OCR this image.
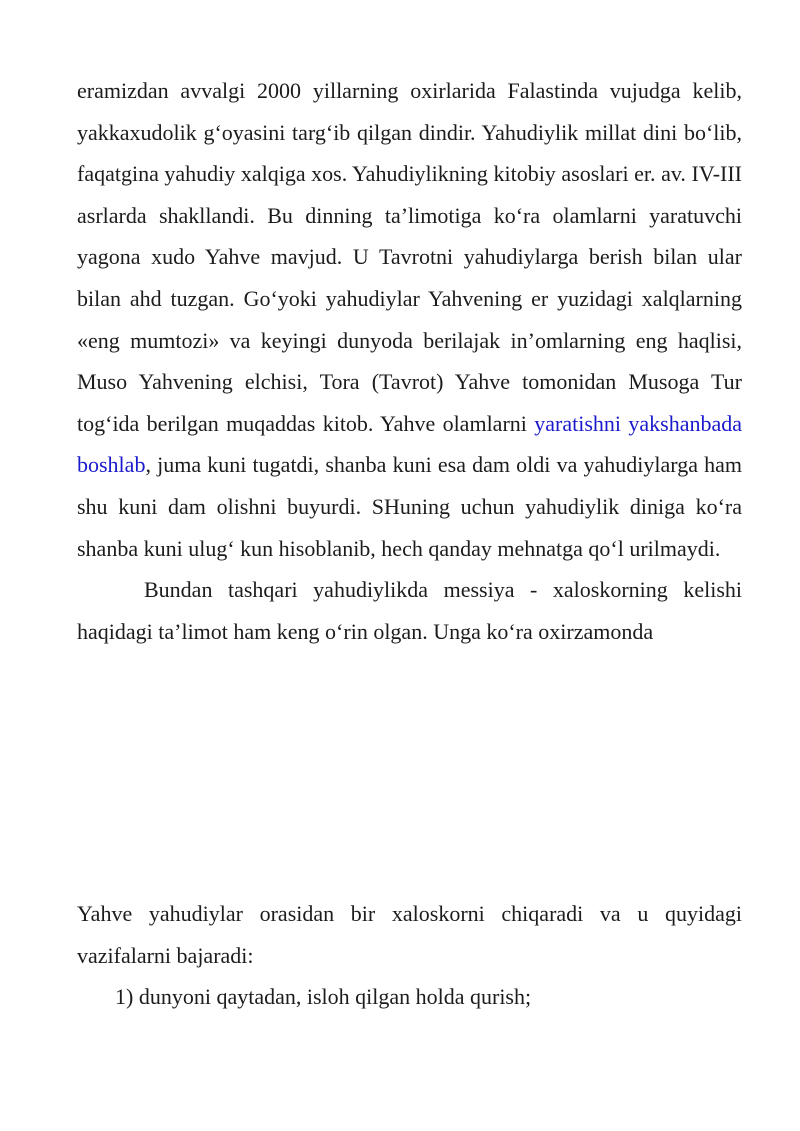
eramizdan avvalgi 2000 yillarning oxirlarida Falastinda vujudga kelib, yakkaxudolik g‘oyasini targ‘ib qilgan dindir. Yahudiylik millat dini bo‘lib, faqatgina yahudiy xalqiga xos. Yahudiylikning kitobiy asoslari er. av. IV-III asrlarda shakllandi. Bu dinning ta’limotiga ko‘ra olamlarni yaratuvchi yagona xudo Yahve mavjud. U Tavrotni yahudiylarga berish bilan ular bilan ahd tuzgan. Go‘yoki yahudiylar Yahvening er yuzidagi xalqlarning «eng mumtozi» va keyingi dunyoda berilajak in’omlarning eng haqlisi, Muso Yahvening elchisi, Tora (Tavrot) Yahve tomonidan Musoga Tur tog‘ida berilgan muqaddas kitob. Yahve olamlarni yaratishni yakshanbada boshlab, juma kuni tugatdi, shanba kuni esa dam oldi va yahudiylarga ham shu kuni dam olishni buyurdi. SHuning uchun yahudiylik diniga ko‘ra shanba kuni ulug‘ kun hisoblanib, hech qanday mehnatga qo‘l urilmaydi.

Bundan tashqari yahudiylikda messiya - xaloskorning kelishi haqidagi ta’limot ham keng o‘rin olgan. Unga ko‘ra oxirzamonda

Yahve yahudiylar orasidan bir xaloskorni chiqaradi va u quyidagi vazifalarni bajaradi:

1) dunyoni qaytadan, isloh qilgan holda qurish;
